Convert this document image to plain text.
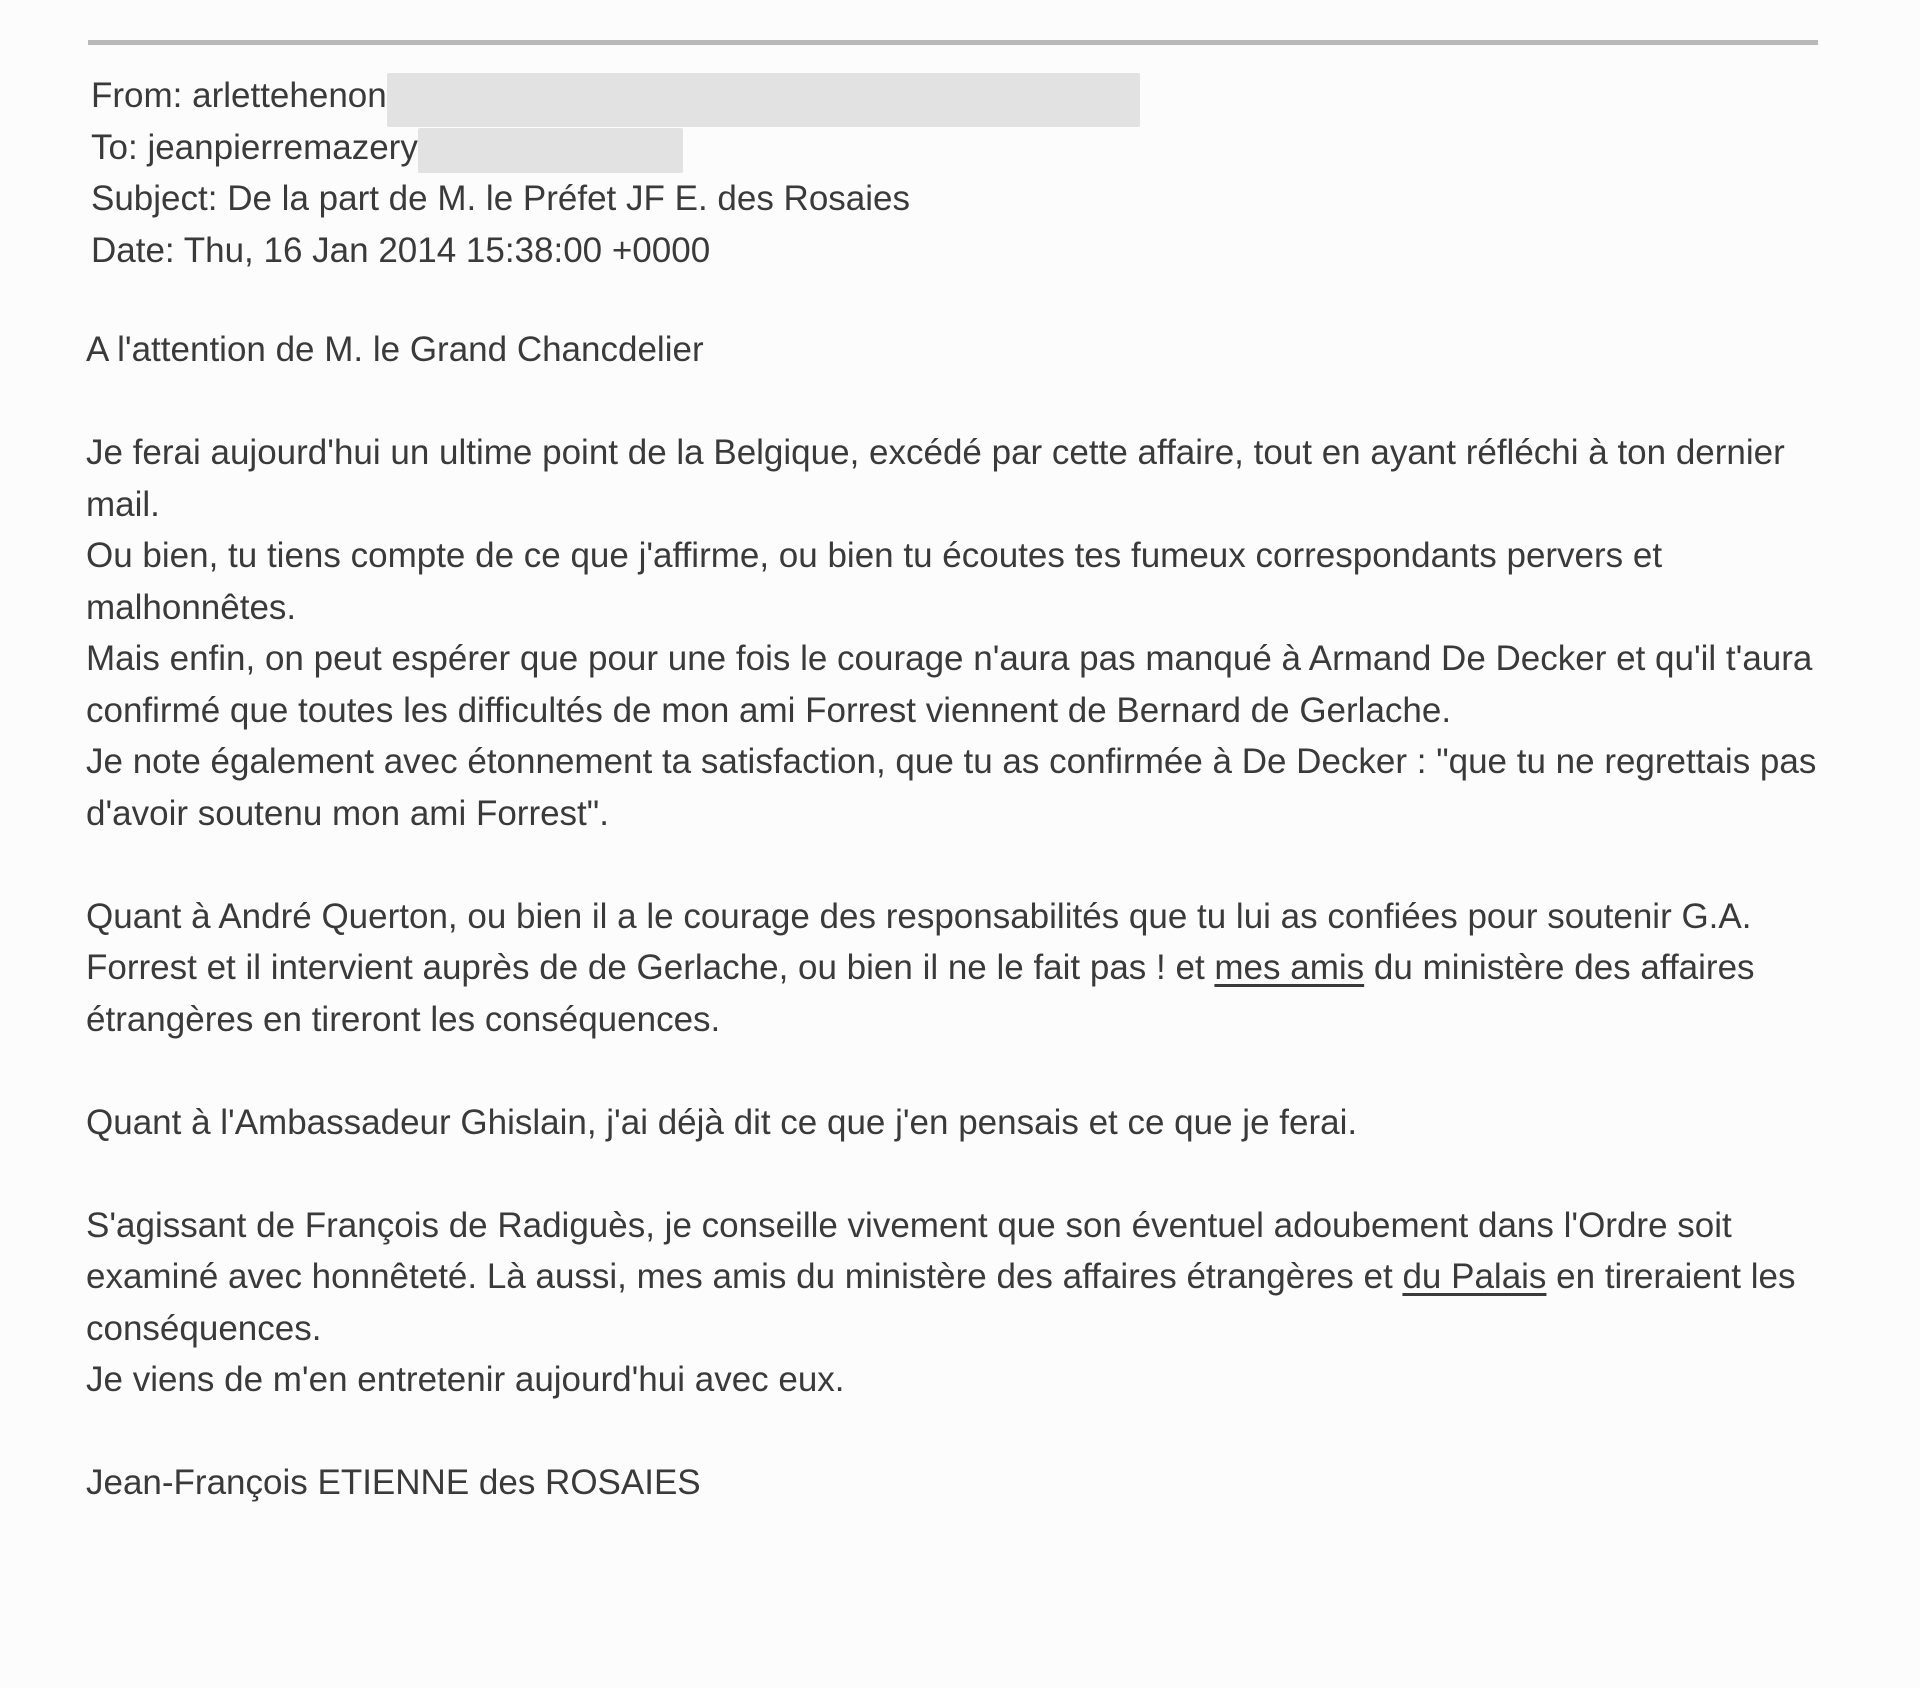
From: arlettehenon
To: jeanpierremazery
Subject: De la part de M. le Préfet JF E. des Rosaies
Date: Thu, 16 Jan 2014 15:38:00 +0000

A l'attention de M. le Grand Chancdelier

Je ferai aujourd'hui un ultime point de la Belgique, excédé par cette affaire, tout en ayant réfléchi à ton dernier mail.

Ou bien, tu tiens compte de ce que j'affirme, ou bien tu écoutes tes fumeux correspondants pervers et malhonnêtes.

Mais enfin, on peut espérer que pour une fois le courage n'aura pas manqué à Armand De Decker et qu'il t'aura confirmé que toutes les difficultés de mon ami Forrest viennent de Bernard de Gerlache.

Je note également avec étonnement ta satisfaction, que tu as confirmée à De Decker : "que tu ne regrettais pas d'avoir soutenu mon ami Forrest".

Quant à André Querton, ou bien il a le courage des responsabilités que tu lui as confiées pour soutenir G.A. Forrest et il intervient auprès de de Gerlache, ou bien il ne le fait pas ! et mes amis du ministère des affaires étrangères en tireront les conséquences.

Quant à l'Ambassadeur Ghislain, j'ai déjà dit ce que j'en pensais et ce que je ferai.

S'agissant de François de Radiguès, je conseille vivement que son éventuel adoubement dans l'Ordre soit examiné avec honnêteté. Là aussi, mes amis du ministère des affaires étrangères et du Palais en tireraient les conséquences.

Je viens de m'en entretenir aujourd'hui avec eux.

Jean-François ETIENNE des ROSAIES
